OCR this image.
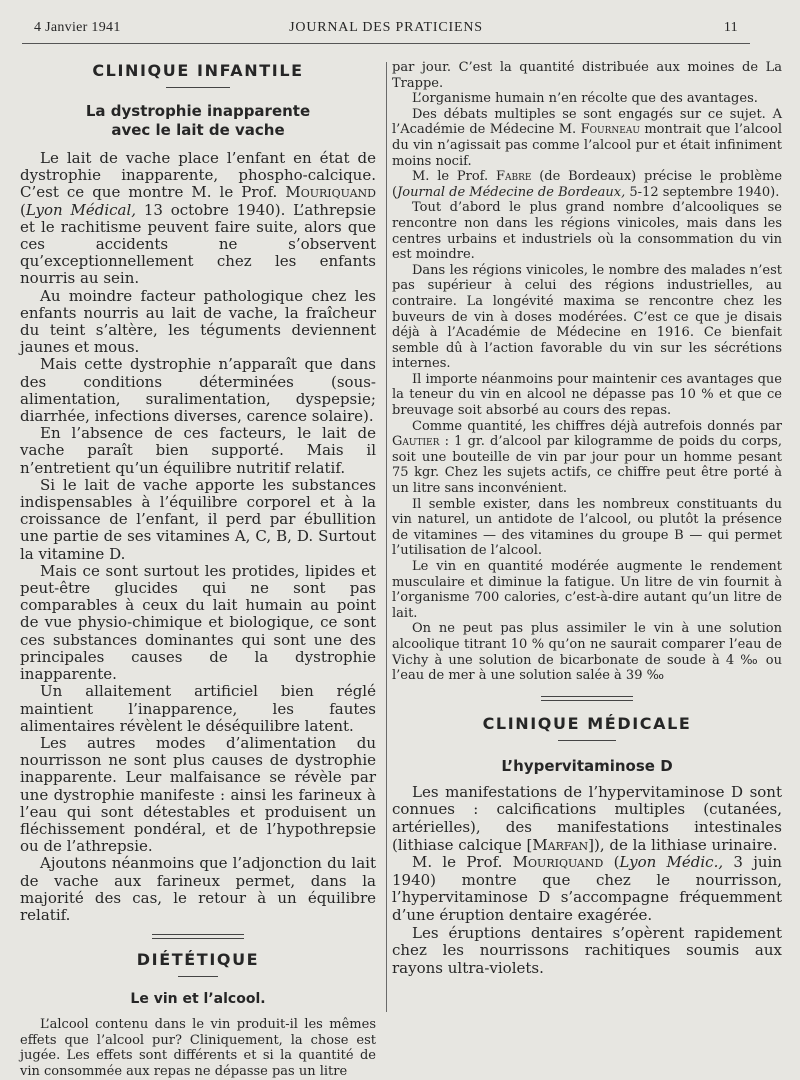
4 Janvier 1941	JOURNAL DES PRATICIENS	11
CLINIQUE INFANTILE
La dystrophie inapparente
avec le lait de vache

Le lait de vache place l’enfant en état de dystrophie inapparente, phospho-calcique. C’est ce que montre M. le Prof. Mouriquand (Lyon Médical, 13 octobre 1940). L’athrepsie et le rachitisme peuvent faire suite, alors que ces accidents ne s’observent qu’exceptionnellement chez les enfants nourris au sein.

Au moindre facteur pathologique chez les enfants nourris au lait de vache, la fraîcheur du teint s’altère, les téguments deviennent jaunes et mous.

Mais cette dystrophie n’apparaît que dans des conditions déterminées (sous-alimentation, suralimentation, dyspepsie; diarrhée, infections diverses, carence solaire).

En l’absence de ces facteurs, le lait de vache paraît bien supporté. Mais il n’entretient qu’un équilibre nutritif relatif.

Si le lait de vache apporte les substances indispensables à l’équilibre corporel et à la croissance de l’enfant, il perd par ébullition une partie de ses vitamines A, C, B, D. Surtout la vitamine D.

Mais ce sont surtout les protides, lipides et peut-être glucides qui ne sont pas comparables à ceux du lait humain au point de vue physio-chimique et biologique, ce sont ces substances dominantes qui sont une des principales causes de la dystrophie inapparente.

Un allaitement artificiel bien réglé maintient l’inapparence, les fautes alimentaires révèlent le déséquilibre latent.

Les autres modes d’alimentation du nourrisson ne sont plus causes de dystrophie inapparente. Leur malfaisance se révèle par une dystrophie manifeste : ainsi les farineux à l’eau qui sont détestables et produisent un fléchissement pondéral, et de l’hypothrepsie ou de l’athrepsie.

Ajoutons néanmoins que l’adjonction du lait de vache aux farineux permet, dans la majorité des cas, le retour à un équilibre relatif.

DIÉTÉTIQUE
Le vin et l’alcool.

L’alcool contenu dans le vin produit-il les mêmes effets que l’alcool pur? Cliniquement, la chose est jugée. Les effets sont différents et si la quantité de vin consommée aux repas ne dépasse pas un litre

par jour. C’est la quantité distribuée aux moines de La Trappe.

L’organisme humain n’en récolte que des avantages.

Des débats multiples se sont engagés sur ce sujet. A l’Académie de Médecine M. Fourneau montrait que l’alcool du vin n’agissait pas comme l’alcool pur et était infiniment moins nocif.

M. le Prof. Fabre (de Bordeaux) précise le problème (Journal de Médecine de Bordeaux, 5-12 septembre 1940).

Tout d’abord le plus grand nombre d’alcooliques se rencontre non dans les régions vinicoles, mais dans les centres urbains et industriels où la consommation du vin est moindre.

Dans les régions vinicoles, le nombre des malades n’est pas supérieur à celui des régions industrielles, au contraire. La longévité maxima se rencontre chez les buveurs de vin à doses modérées. C’est ce que je disais déjà à l’Académie de Médecine en 1916. Ce bienfait semble dû à l’action favorable du vin sur les sécrétions internes.

Il importe néanmoins pour maintenir ces avantages que la teneur du vin en alcool ne dépasse pas 10 % et que ce breuvage soit absorbé au cours des repas.

Comme quantité, les chiffres déjà autrefois donnés par Gautier : 1 gr. d’alcool par kilogramme de poids du corps, soit une bouteille de vin par jour pour un homme pesant 75 kgr. Chez les sujets actifs, ce chiffre peut être porté à un litre sans inconvénient.

Il semble exister, dans les nombreux constituants du vin naturel, un antidote de l’alcool, ou plutôt la présence de vitamines — des vitamines du groupe B — qui permet l’utilisation de l’alcool.

Le vin en quantité modérée augmente le rendement musculaire et diminue la fatigue. Un litre de vin fournit à l’organisme 700 calories, c’est-à-dire autant qu’un litre de lait.

On ne peut pas plus assimiler le vin à une solution alcoolique titrant 10 % qu’on ne saurait comparer l’eau de Vichy à une solution de bicarbonate de soude à 4 ‰ ou l’eau de mer à une solution salée à 39 ‰

CLINIQUE MÉDICALE
L’hypervitaminose D

Les manifestations de l’hypervitaminose D sont connues : calcifications multiples (cutanées, artérielles), des manifestations intestinales (lithiase calcique [Marfan]), de la lithiase urinaire.

M. le Prof. Mouriquand (Lyon Médic., 3 juin 1940) montre que chez le nourrisson, l’hypervitaminose D s’accompagne fréquemment d’une éruption dentaire exagérée.

Les éruptions dentaires s’opèrent rapidement chez les nourrissons rachitiques soumis aux rayons ultra-violets.
